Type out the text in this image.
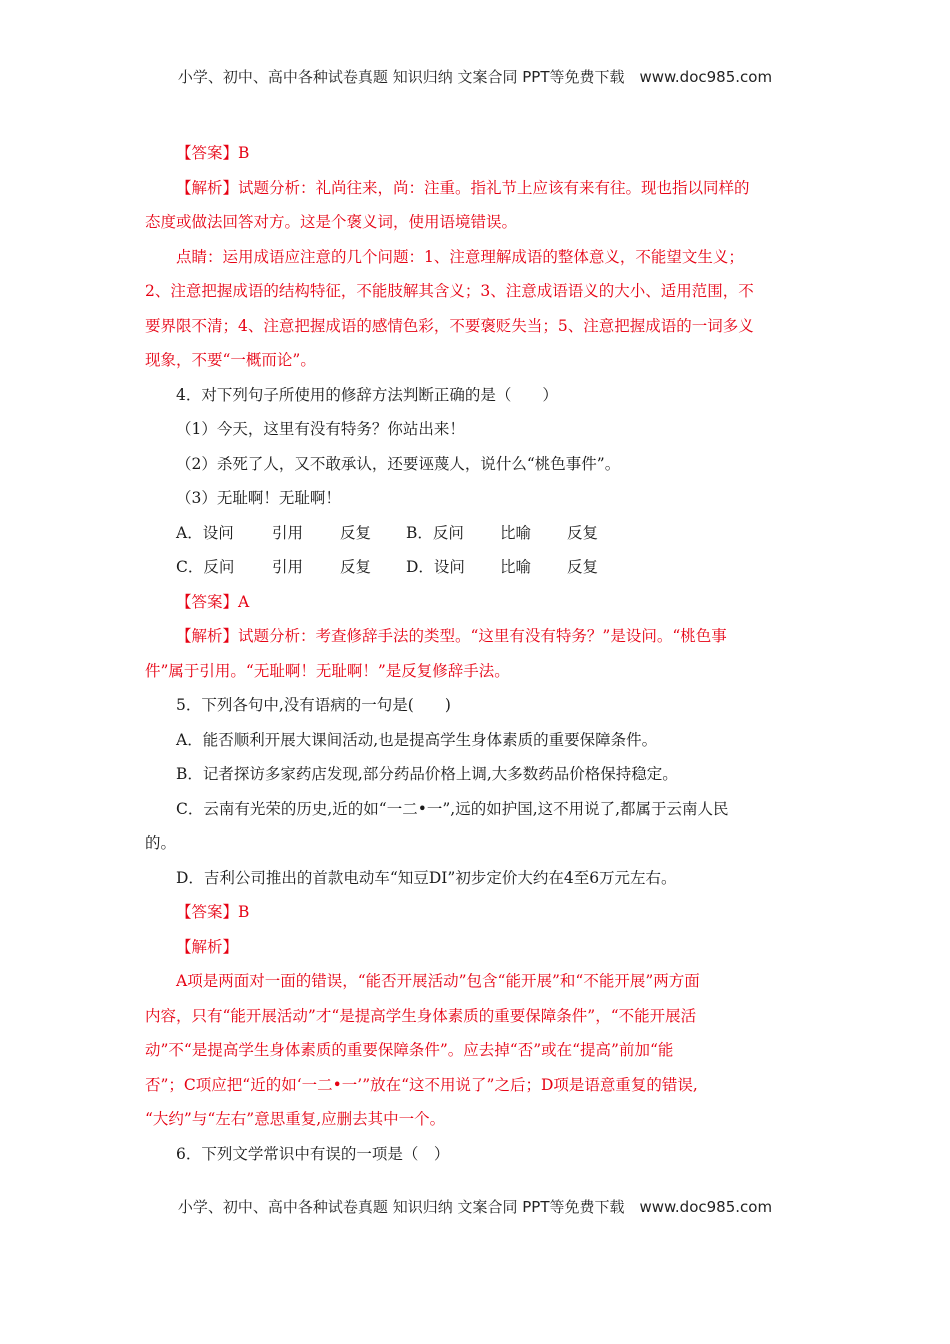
小学、初中、高中各种试卷真题 知识归纳 文案合同 PPT等免费下载　www.doc985.com
【答案】B
【解析】试题分析：礼尚往来，尚：注重。指礼节上应该有来有往。现也指以同样的
态度或做法回答对方。这是个褒义词，使用语境错误。
点睛：运用成语应注意的几个问题：1、注意理解成语的整体意义，不能望文生义；
2、注意把握成语的结构特征，不能肢解其含义；3、注意成语语义的大小、适用范围，不
要界限不清；4、注意把握成语的感情色彩，不要褒贬失当；5、注意把握成语的一词多义
现象，不要“一概而论”。
4．对下列句子所使用的修辞方法判断正确的是（　　）
（1）今天，这里有没有特务？你站出来！
（2）杀死了人，又不敢承认，还要诬蔑人，说什么“桃色事件”。
（3）无耻啊！无耻啊！
A．设问 引用 反复 B．反问 比喻 反复
C．反问 引用 反复 D．设问 比喻 反复
【答案】A
【解析】试题分析：考查修辞手法的类型。“这里有没有特务？”是设问。“桃色事
件”属于引用。“无耻啊！无耻啊！”是反复修辞手法。
5．下列各句中,没有语病的一句是(　　)
A．能否顺利开展大课间活动,也是提高学生身体素质的重要保障条件。
B．记者探访多家药店发现,部分药品价格上调,大多数药品价格保持稳定。
C．云南有光荣的历史,近的如“一二•一”,远的如护国,这不用说了,都属于云南人民
的。
D．吉利公司推出的首款电动车“知豆DI”初步定价大约在4至6万元左右。
【答案】B
【解析】
A项是两面对一面的错误，“能否开展活动”包含“能开展”和“不能开展”两方面
内容，只有“能开展活动”才“是提高学生身体素质的重要保障条件”，“不能开展活
动”不“是提高学生身体素质的重要保障条件”。应去掉“否”或在“提高”前加“能
否”；C项应把“近的如‘一二•一’”放在“这不用说了”之后；D项是语意重复的错误,
“大约”与“左右”意思重复,应删去其中一个。
6．下列文学常识中有误的一项是（　）
小学、初中、高中各种试卷真题 知识归纳 文案合同 PPT等免费下载　www.doc985.com
